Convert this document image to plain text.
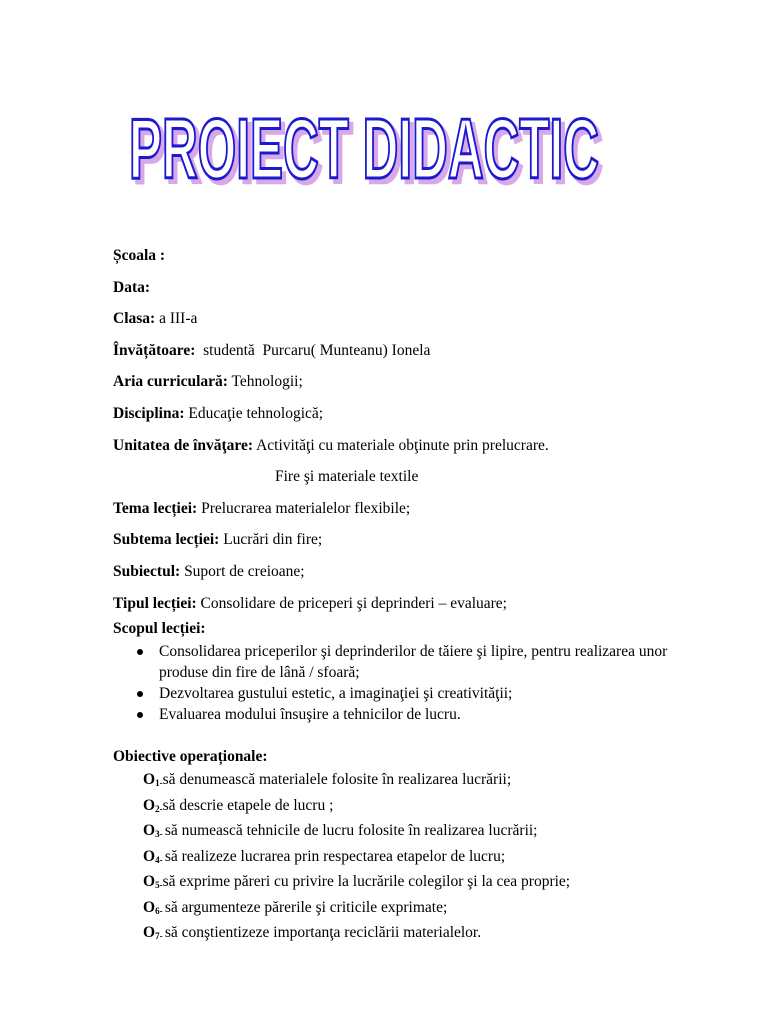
PROIECT DIDACTIC
PROIECT DIDACTIC
Școala :
Data:
Clasa: a III-a
Învățătoare:  studentă  Purcaru( Munteanu) Ionela
Aria curriculară: Tehnologii;
Disciplina: Educaţie tehnologică;
Unitatea de învăţare: Activităţi cu materiale obţinute prin prelucrare.
Fire şi materiale textile
Tema lecției: Prelucrarea materialelor flexibile;
Subtema lecției: Lucrări din fire;
Subiectul: Suport de creioane;
Tipul lecției: Consolidare de priceperi şi deprinderi – evaluare;
Scopul lecției:
Consolidarea priceperilor şi deprinderilor de tăiere şi lipire, pentru realizarea unor produse din fire de lână / sfoară;
Dezvoltarea gustului estetic, a imaginaţiei şi creativităţii;
Evaluarea modului însuşire a tehnicilor de lucru.
Obiective operaționale:
$O_{1-}să$ denumească materialele folosite în realizarea lucrării;
$O_{2-}să$ descrie etapele de lucru ;
$O_{3-}$ să numească tehnicile de lucru folosite în realizarea lucrării;
$O_{4-}$ să realizeze lucrarea prin respectarea etapelor de lucru;
$O_{5-}să$ exprime păreri cu privire la lucrările colegilor şi la cea proprie;
$O_{6-}$ să argumenteze părerile şi criticile exprimate;
$O_{7-}$ să conştientizeze importanţa reciclării materialelor.
